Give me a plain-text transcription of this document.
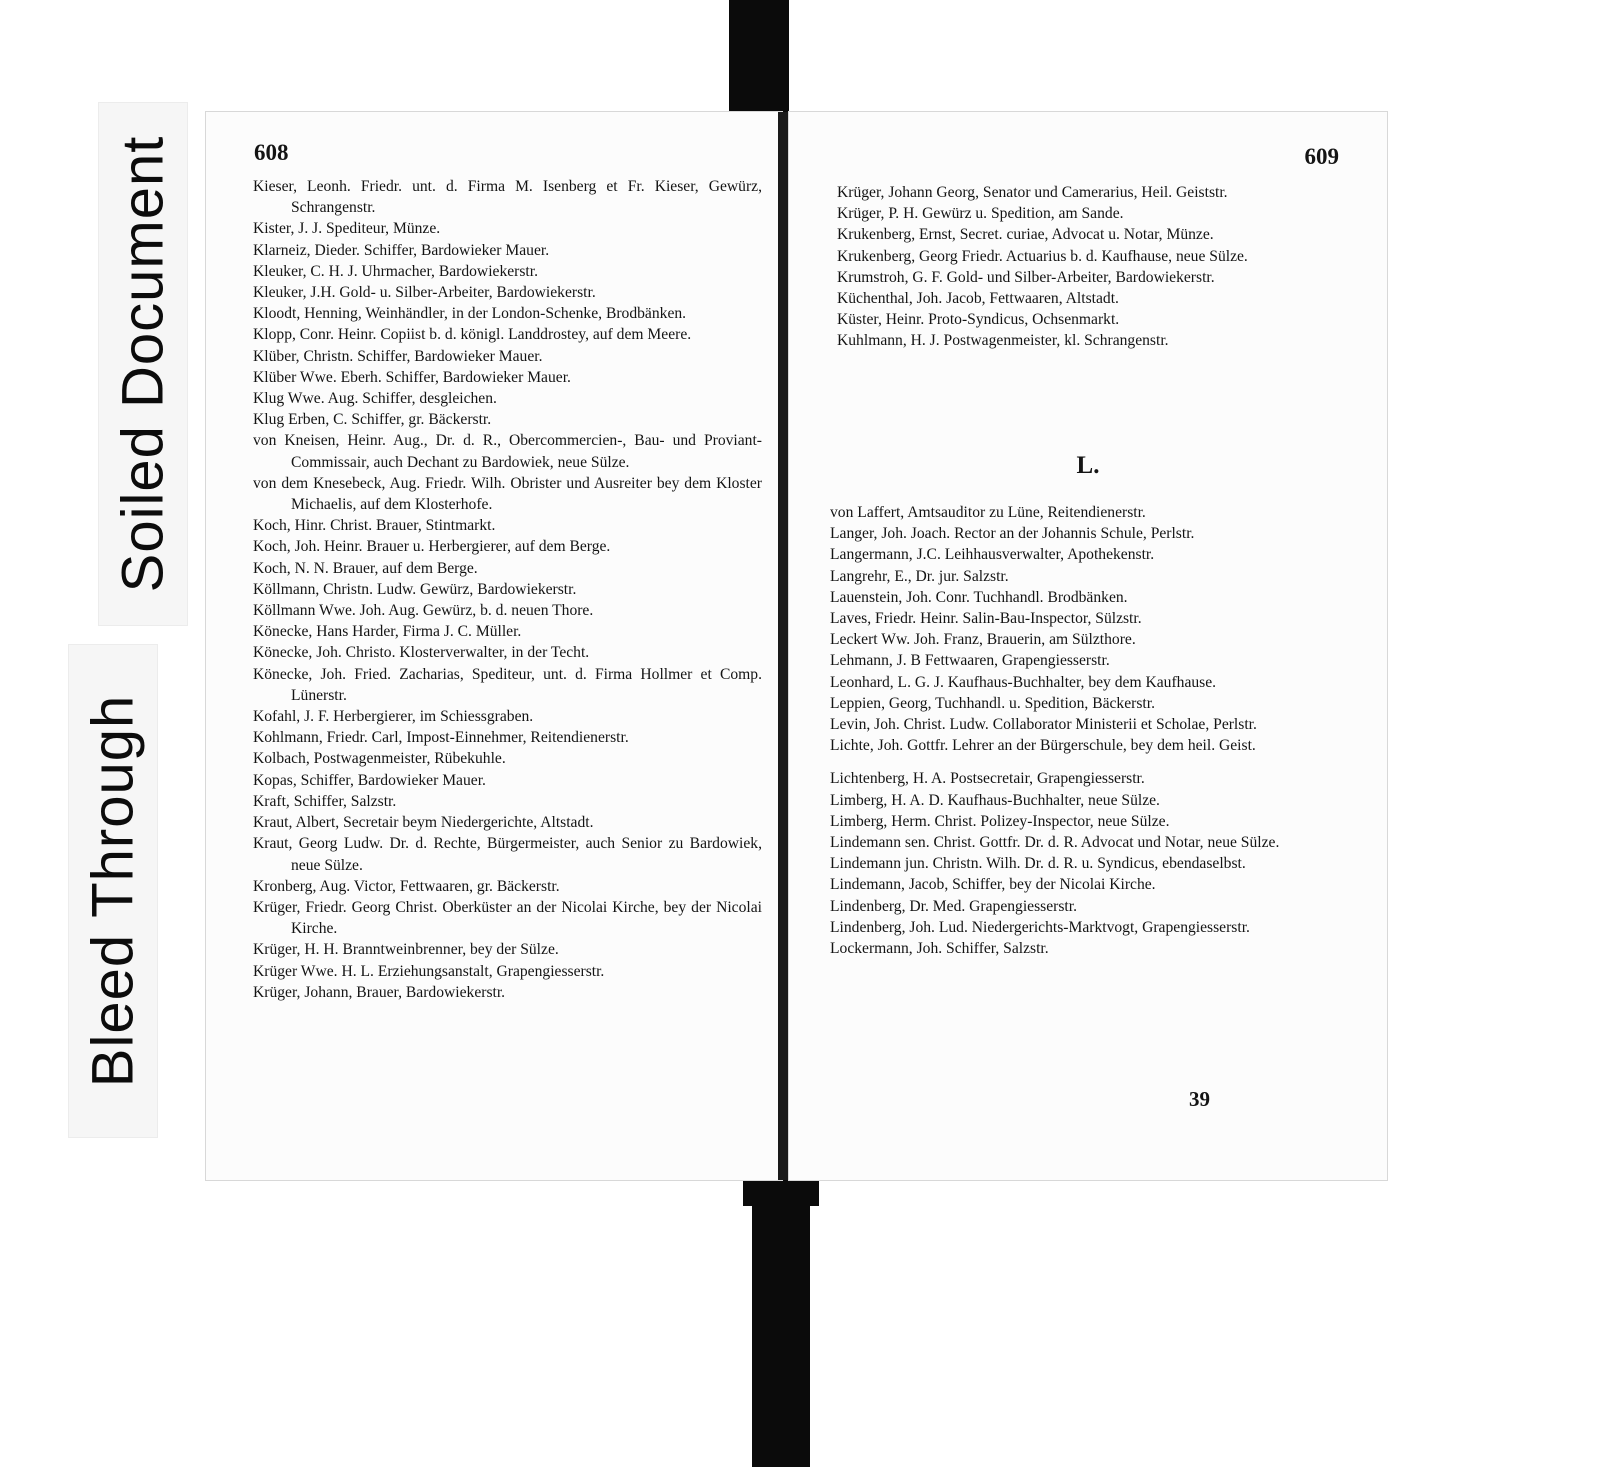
Soiled Document
Bleed Through
608
Kieser, Leonh. Friedr. unt. d. Firma M. Isenberg et Fr. Kieser, Gewürz, Schrangenstr.
Kister, J. J. Spediteur, Münze.
Klarneiz, Dieder. Schiffer, Bardowieker Mauer.
Kleuker, C. H. J. Uhrmacher, Bardowiekerstr.
Kleuker, J.H. Gold- u. Silber-Arbeiter, Bardowiekerstr.
Kloodt, Henning, Weinhändler, in der London-Schenke, Brodbänken.
Klopp, Conr. Heinr. Copiist b. d. königl. Landdrostey, auf dem Meere.
Klüber, Christn. Schiffer, Bardowieker Mauer.
Klüber Wwe. Eberh. Schiffer, Bardowieker Mauer.
Klug Wwe. Aug. Schiffer, desgleichen.
Klug Erben, C. Schiffer, gr. Bäckerstr.
von Kneisen, Heinr. Aug., Dr. d. R., Obercommercien-, Bau- und Proviant-Commissair, auch Dechant zu Bardowiek, neue Sülze.
von dem Knesebeck, Aug. Friedr. Wilh. Obrister und Ausreiter bey dem Kloster Michaelis, auf dem Klosterhofe.
Koch, Hinr. Christ. Brauer, Stintmarkt.
Koch, Joh. Heinr. Brauer u. Herbergierer, auf dem Berge.
Koch, N. N. Brauer, auf dem Berge.
Köllmann, Christn. Ludw. Gewürz, Bardowiekerstr.
Köllmann Wwe. Joh. Aug. Gewürz, b. d. neuen Thore.
Könecke, Hans Harder, Firma J. C. Müller.
Könecke, Joh. Christo. Klosterverwalter, in der Techt.
Könecke, Joh. Fried. Zacharias, Spediteur, unt. d. Firma Hollmer et Comp. Lünerstr.
Kofahl, J. F. Herbergierer, im Schiessgraben.
Kohlmann, Friedr. Carl, Impost-Einnehmer, Reitendienerstr.
Kolbach, Postwagenmeister, Rübekuhle.
Kopas, Schiffer, Bardowieker Mauer.
Kraft, Schiffer, Salzstr.
Kraut, Albert, Secretair beym Niedergerichte, Altstadt.
Kraut, Georg Ludw. Dr. d. Rechte, Bürgermeister, auch Senior zu Bardowiek, neue Sülze.
Kronberg, Aug. Victor, Fettwaaren, gr. Bäckerstr.
Krüger, Friedr. Georg Christ. Oberküster an der Nicolai Kirche, bey der Nicolai Kirche.
Krüger, H. H. Branntweinbrenner, bey der Sülze.
Krüger Wwe. H. L. Erziehungsanstalt, Grapengiesserstr.
Krüger, Johann, Brauer, Bardowiekerstr.
609
Krüger, Johann Georg, Senator und Camerarius, Heil. Geiststr.
Krüger, P. H. Gewürz u. Spedition, am Sande.
Krukenberg, Ernst, Secret. curiae, Advocat u. Notar, Münze.
Krukenberg, Georg Friedr. Actuarius b. d. Kaufhause, neue Sülze.
Krumstroh, G. F. Gold- und Silber-Arbeiter, Bardowiekerstr.
Küchenthal, Joh. Jacob, Fettwaaren, Altstadt.
Küster, Heinr. Proto-Syndicus, Ochsenmarkt.
Kuhlmann, H. J. Postwagenmeister, kl. Schrangenstr.
L.
von Laffert, Amtsauditor zu Lüne, Reitendienerstr.
Langer, Joh. Joach. Rector an der Johannis Schule, Perlstr.
Langermann, J.C. Leihhausverwalter, Apothekenstr.
Langrehr, E., Dr. jur. Salzstr.
Lauenstein, Joh. Conr. Tuchhandl. Brodbänken.
Laves, Friedr. Heinr. Salin-Bau-Inspector, Sülzstr.
Leckert Ww. Joh. Franz, Brauerin, am Sülzthore.
Lehmann, J. B Fettwaaren, Grapengiesserstr.
Leonhard, L. G. J. Kaufhaus-Buchhalter, bey dem Kaufhause.
Leppien, Georg, Tuchhandl. u. Spedition, Bäckerstr.
Levin, Joh. Christ. Ludw. Collaborator Ministerii et Scholae, Perlstr.
Lichte, Joh. Gottfr. Lehrer an der Bürgerschule, bey dem heil. Geist.
Lichtenberg, H. A. Postsecretair, Grapengiesserstr.
Limberg, H. A. D. Kaufhaus-Buchhalter, neue Sülze.
Limberg, Herm. Christ. Polizey-Inspector, neue Sülze.
Lindemann sen. Christ. Gottfr. Dr. d. R. Advocat und Notar, neue Sülze.
Lindemann jun. Christn. Wilh. Dr. d. R. u. Syndicus, ebendaselbst.
Lindemann, Jacob, Schiffer, bey der Nicolai Kirche.
Lindenberg, Dr. Med. Grapengiesserstr.
Lindenberg, Joh. Lud. Niedergerichts-Marktvogt, Grapengiesserstr.
Lockermann, Joh. Schiffer, Salzstr.
39
